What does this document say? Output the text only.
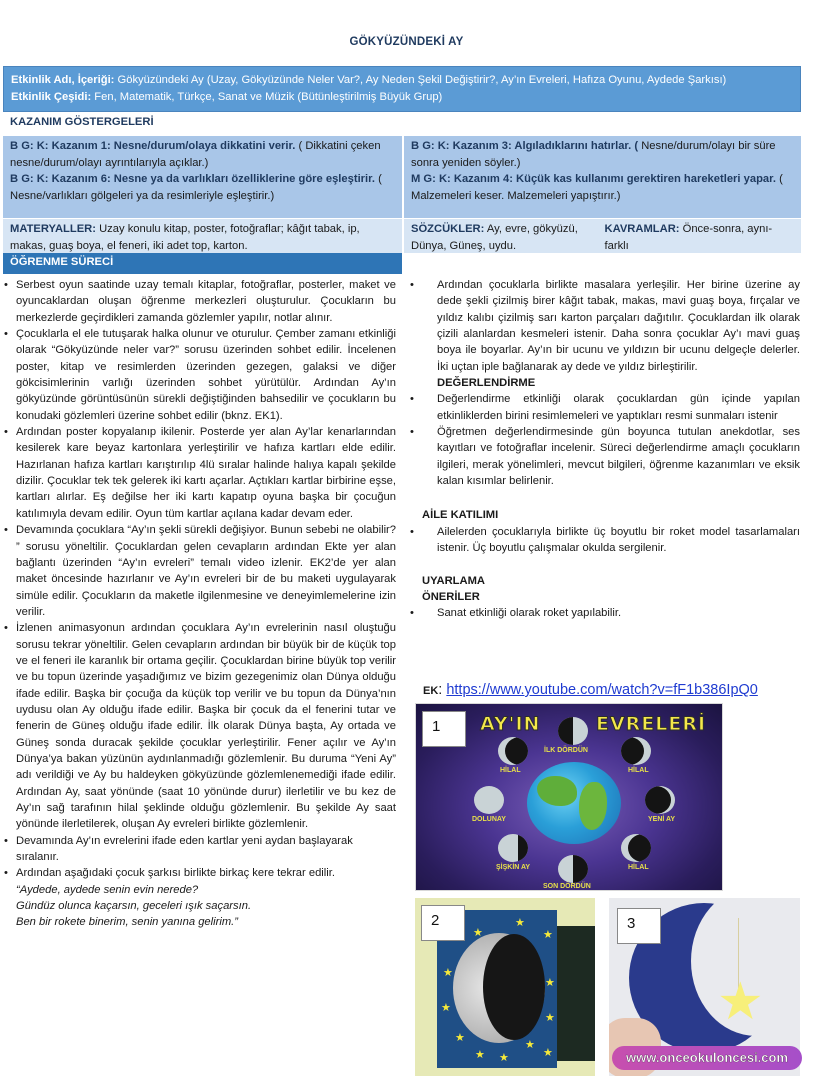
GÖKYÜZÜNDEKİ AY
Etkinlik Adı, İçeriği: Gökyüzündeki Ay (Uzay, Gökyüzünde Neler Var?, Ay Neden Şekil Değiştirir?, Ay’ın Evreleri, Hafıza Oyunu, Aydede Şarkısı)
Etkinlik Çeşidi: Fen, Matematik, Türkçe, Sanat ve Müzik (Bütünleştirilmiş Büyük Grup)
KAZANIM GÖSTERGELERİ
B G: K: Kazanım 1: Nesne/durum/olaya dikkatini verir. ( Dikkatini çeken nesne/durum/olayı ayrıntılarıyla açıklar.)
B G: K: Kazanım 6: Nesne ya da varlıkları özelliklerine göre eşleştirir. ( Nesne/varlıkları gölgeleri ya da resimleriyle eşleştirir.)
B G: K: Kazanım 3: Algıladıklarını hatırlar. ( Nesne/durum/olayı bir süre sonra yeniden söyler.)
M G: K: Kazanım 4: Küçük kas kullanımı gerektiren hareketleri yapar. ( Malzemeleri keser. Malzemeleri yapıştırır.)
MATERYALLER: Uzay konulu kitap, poster, fotoğraflar; kâğıt tabak, ip, makas, guaş boya, el feneri, iki adet top, karton.
SÖZCÜKLER: Ay, evre, gökyüzü, Dünya, Güneş, uydu.
KAVRAMLAR: Önce-sonra, aynı-farklı
ÖĞRENME SÜRECİ
• Serbest oyun saatinde uzay temalı kitaplar, fotoğraflar, posterler, maket ve oyuncaklardan oluşan öğrenme merkezleri oluşturulur. Çocukların bu merkezlerde geçirdikleri zamanda gözlemler yapılır, notlar alınır.
• Çocuklarla el ele tutuşarak halka olunur ve oturulur. Çember zamanı etkinliği olarak “Gökyüzünde neler var?” sorusu üzerinden sohbet edilir. İncelenen poster, kitap ve resimlerden üzerinden gezegen, galaksi ve diğer gökcisimlerinin varlığı üzerinden sohbet yürütülür. Ardından Ay’ın gökyüzünde görüntüsünün sürekli değiştiğinden bahsedilir ve çocukların bu konudaki gözlemleri üzerine sohbet edilir (bknz. EK1).
• Ardından poster kopyalanıp ikilenir. Posterde yer alan Ay’lar kenarlarından kesilerek kare beyaz kartonlara yerleştirilir ve hafıza kartları elde edilir. Hazırlanan hafıza kartları karıştırılıp 4lü sıralar halinde halıya kapalı şekilde dizilir. Çocuklar tek tek gelerek iki kartı açarlar. Açtıkları kartlar birbirine eşse, kartları alırlar. Eş değilse her iki kartı kapatıp oyuna başka bir çocuğun katılımıyla devam edilir. Oyun tüm kartlar açılana kadar devam eder.
• Devamında çocuklara “Ay’ın şekli sürekli değişiyor. Bunun sebebi ne olabilir? ” sorusu yöneltilir. Çocuklardan gelen cevapların ardından Ekte yer alan bağlantı üzerinden “Ay’ın evreleri” temalı video izlenir. EK2’de yer alan maket öncesinde hazırlanır ve Ay’ın evreleri bir de bu maketi uygulayarak simüle edilir. Çocukların da maketle ilgilenmesine ve deneyimlemelerine izin verilir.
• İzlenen animasyonun ardından çocuklara Ay’ın evrelerinin nasıl oluştuğu sorusu tekrar yöneltilir. Gelen cevapların ardından bir büyük bir de küçük top ve el feneri ile karanlık bir ortama geçilir. Çocuklardan birine büyük top verilir ve bu topun üzerinde yaşadığımız ve bizim gezegenimiz olan Dünya olduğu ifade edilir. Başka bir çocuğa da küçük top verilir ve bu topun da Dünya’nın uydusu olan Ay olduğu ifade edilir. Başka bir çocuk da el fenerini tutar ve fenerin de Güneş olduğu ifade edilir. İlk olarak Dünya başta, Ay ortada ve Güneş sonda duracak şekilde çocuklar yerleştirilir. Fener açılır ve Ay’ın Dünya’ya bakan yüzünün aydınlanmadığı gözlemlenir. Bu duruma “Yeni Ay” adı verildiği ve Ay bu haldeyken gökyüzünde gözlemlenemediği ifade edilir. Ardından Ay, saat yönünde (saat 10 yönünde durur) ilerletilir ve bu kez de Ay’ın sağ tarafının hilal şeklinde olduğu gözlemlenir. Bu şekilde Ay saat yönünde ilerletilerek, oluşan Ay evreleri birlikte gözlemlenir.
• Devamında Ay’ın evrelerini ifade eden kartlar yeni aydan başlayarak sıralanır.
• Ardından aşağıdaki çocuk şarkısı birlikte birkaç kere tekrar edilir.
“Aydede, aydede senin evin nerede?
Gündüz olunca kaçarsın, geceleri ışık saçarsın.
Ben bir rokete binerim, senin yanına gelirim.”
• Ardından çocuklarla birlikte masalara yerleşilir. Her birine üzerine ay dede şekli çizilmiş birer kâğıt tabak, makas, mavi guaş boya, fırçalar ve yıldız kalıbı çizilmiş sarı karton parçaları dağıtılır. Çocuklardan ilk olarak çizili alanlardan kesmeleri istenir. Daha sonra çocuklar Ay’ı mavi guaş boya ile boyarlar. Ay’ın bir ucunu ve yıldızın bir ucunu delgeçle delerler. İki uçtan iple bağlanarak ay dede ve yıldız birleştirilir.
DEĞERLENDİRME
• Değerlendirme etkinliği olarak çocuklardan gün içinde yapılan etkinliklerden birini resimlemeleri ve yaptıkları resmi sunmaları istenir
• Öğretmen değerlendirmesinde gün boyunca tutulan anekdotlar, ses kayıtları ve fotoğraflar incelenir. Süreci değerlendirme amaçlı çocukların ilgileri, merak yönelimleri, mevcut bilgileri, öğrenme kazanımları ve eksik kalan kısımlar belirlenir.
AİLE KATILIMI
• Ailelerden çocuklarıyla birlikte üç boyutlu bir roket model tasarlamaları istenir. Üç boyutlu çalışmalar okulda sergilenir.
UYARLAMA
ÖNERİLER
• Sanat etkinliği olarak roket yapılabilir.
EK: https://www.youtube.com/watch?v=fF1b386IpQ0
1	AY'IN	EVRELERİ
İLK DÖRDÜN
HİLAL	HİLAL
DOLUNAY	YENİ AY
ŞİŞKİN AY	HİLAL
SON DÖRDÜN
★
★
★
★
★
★
★
★
★
★ ★	★
2
★
3
www.onceokuloncesi.com
